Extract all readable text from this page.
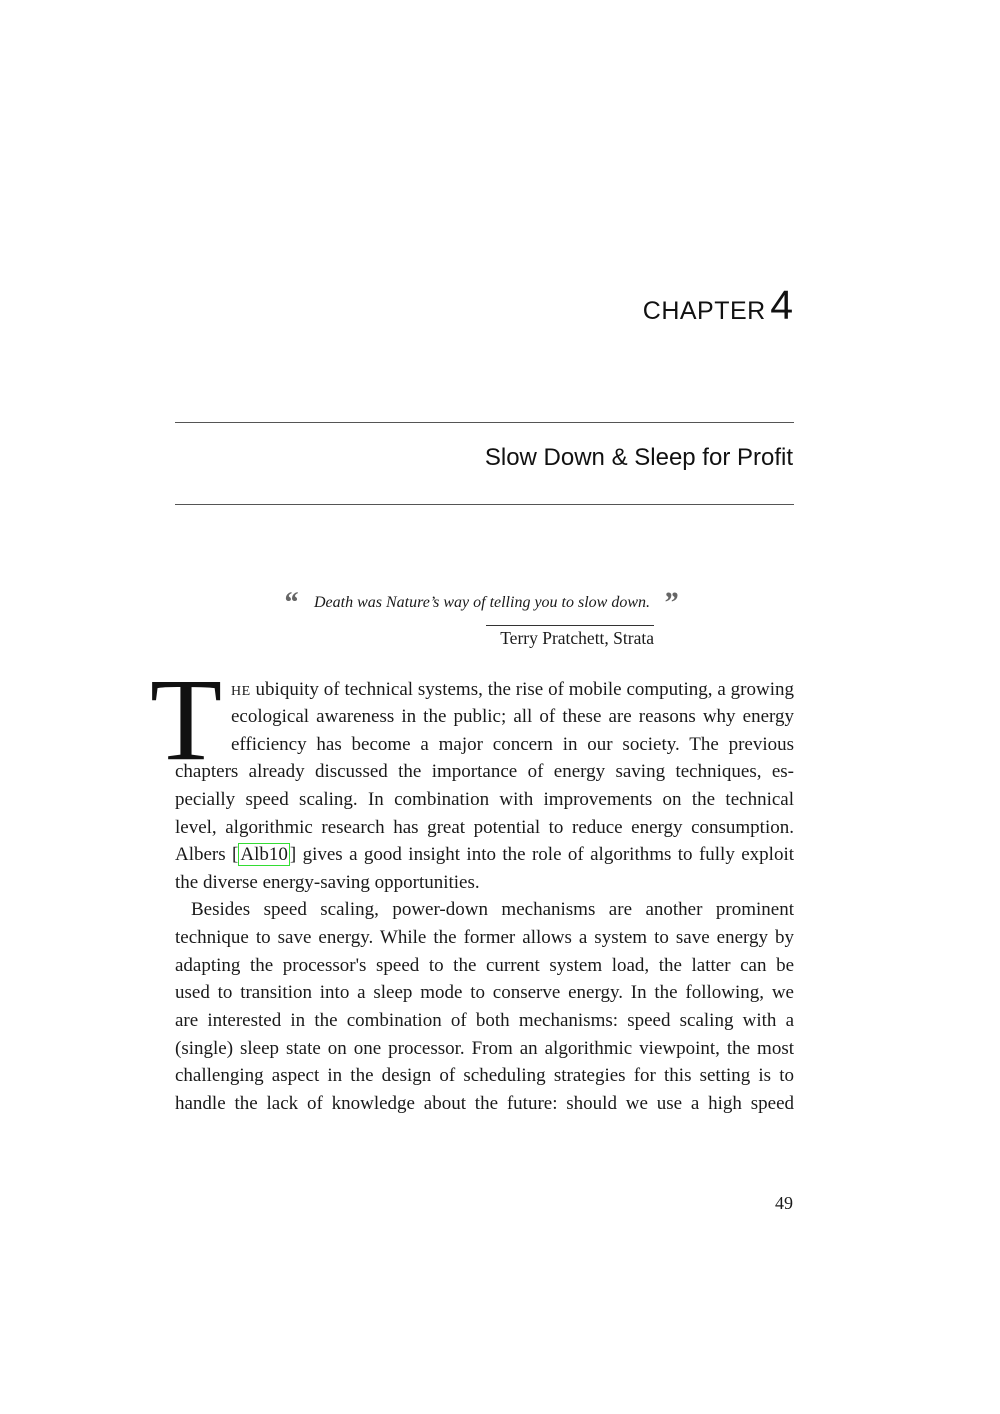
CHAPTER 4
Slow Down & Sleep for Profit
“ Death was Nature’s way of telling you to slow down. ”
Terry Pratchett, Strata
T HE ubiquity of technical systems, the rise of mobile computing, a growing
ecological awareness in the public; all of these are reasons why energy
efficiency has become a major concern in our society. The previous
chapters already discussed the importance of energy saving techniques, es-
pecially speed scaling. In combination with improvements on the technical
level, algorithmic research has great potential to reduce energy consumption.
Albers [ Alb10 ] gives a good insight into the role of algorithms to fully exploit
the diverse energy-saving opportunities.
Besides speed scaling, power-down mechanisms are another prominent
technique to save energy. While the former allows a system to save energy by
adapting the processor's speed to the current system load, the latter can be
used to transition into a sleep mode to conserve energy. In the following, we
are interested in the combination of both mechanisms: speed scaling with a
(single) sleep state on one processor. From an algorithmic viewpoint, the most
challenging aspect in the design of scheduling strategies for this setting is to
handle the lack of knowledge about the future: should we use a high speed
49
